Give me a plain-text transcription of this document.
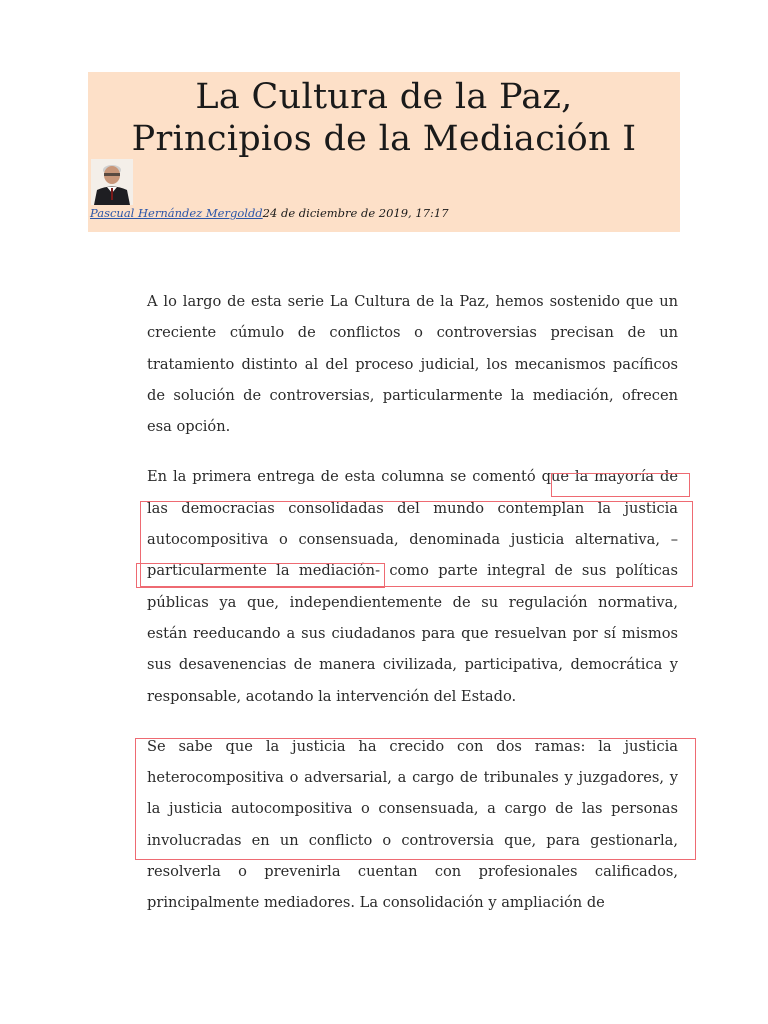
La Cultura de la Paz,
Principios de la Mediación I
Pascual Hernández Mergoldd24 de diciembre de 2019, 17:17

A lo largo de esta serie La Cultura de la Paz, hemos sostenido que un creciente cúmulo de conflictos o controversias precisan de un tratamiento distinto al del proceso judicial, los mecanismos pacíficos de solución de controversias, particularmente la mediación, ofrecen esa opción.

En la primera entrega de esta columna se comentó que la mayoría de las democracias consolidadas del mundo contemplan la justicia autocompositiva o consensuada, denominada justicia alternativa, –particularmente la mediación- como parte integral de sus políticas públicas ya que, independientemente de su regulación normativa, están reeducando a sus ciudadanos para que resuelvan por sí mismos sus desavenencias de manera civilizada, participativa, democrática y responsable, acotando la intervención del Estado.

Se sabe que la justicia ha crecido con dos ramas: la justicia heterocompositiva o adversarial, a cargo de tribunales y juzgadores, y la justicia autocompositiva o consensuada, a cargo de las personas involucradas en un conflicto o controversia que, para gestionarla, resolverla o prevenirla cuentan con profesionales calificados, principalmente mediadores. La consolidación y ampliación de
